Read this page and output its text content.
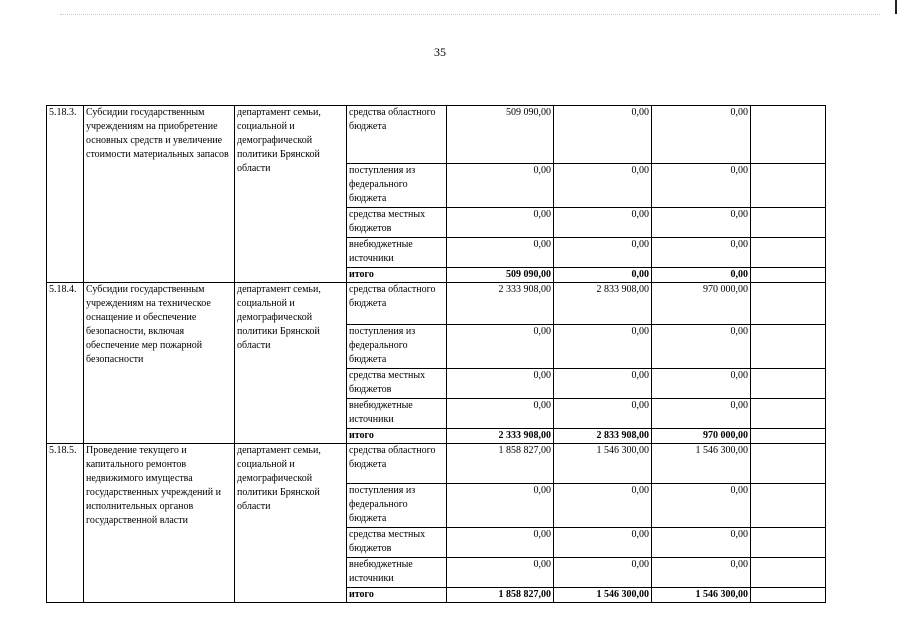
35
5.18.3.	Субсидии государственным учреждениям на приобретение основных средств и увеличение стоимости материальных запасов	департамент семьи, социальной и демографической политики Брянской области	средства областного бюджета	509 090,00	0,00	0,00	
			поступления из федерального бюджета	0,00	0,00	0,00	
			средства местных бюджетов	0,00	0,00	0,00	
			внебюджетные источники	0,00	0,00	0,00	
			итого	509 090,00	0,00	0,00	
5.18.4.	Субсидии государственным учреждениям на техническое оснащение и обеспечение безопасности, включая обеспечение мер пожарной безопасности	департамент семьи, социальной и демографической политики Брянской области	средства областного бюджета	2 333 908,00	2 833 908,00	970 000,00	
			поступления из федерального бюджета	0,00	0,00	0,00	
			средства местных бюджетов	0,00	0,00	0,00	
			внебюджетные источники	0,00	0,00	0,00	
			итого	2 333 908,00	2 833 908,00	970 000,00	
5.18.5.	Проведение текущего и капитального ремонтов недвижимого имущества государственных учреждений и исполнительных органов государственной власти	департамент семьи, социальной и демографической политики Брянской области	средства областного бюджета	1 858 827,00	1 546 300,00	1 546 300,00	
			поступления из федерального бюджета	0,00	0,00	0,00	
			средства местных бюджетов	0,00	0,00	0,00	
			внебюджетные источники	0,00	0,00	0,00	
			итого	1 858 827,00	1 546 300,00	1 546 300,00	
